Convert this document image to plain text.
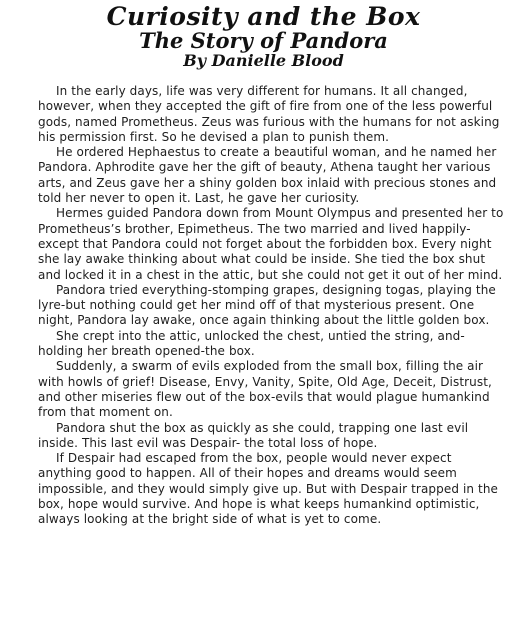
Curiosity and the Box
The Story of Pandora
By Danielle Blood

In the early days, life was very different for humans. It all changed, however, when they accepted the gift of fire from one of the less powerful gods, named Prometheus. Zeus was furious with the humans for not asking his permission first. So he devised a plan to punish them.

He ordered Hephaestus to create a beautiful woman, and he named her Pandora. Aphrodite gave her the gift of beauty, Athena taught her various arts, and Zeus gave her a shiny golden box inlaid with precious stones and told her never to open it. Last, he gave her curiosity.

Hermes guided Pandora down from Mount Olympus and presented her to Prometheus’s brother, Epimetheus. The two married and lived happily-except that Pandora could not forget about the forbidden box. Every night she lay awake thinking about what could be inside. She tied the box shut and locked it in a chest in the attic, but she could not get it out of her mind.

Pandora tried everything-stomping grapes, designing togas, playing the lyre-but nothing could get her mind off of that mysterious present. One night, Pandora lay awake, once again thinking about the little golden box.

She crept into the attic, unlocked the chest, untied the string, and-holding her breath opened-the box.

Suddenly, a swarm of evils exploded from the small box, filling the air with howls of grief! Disease, Envy, Vanity, Spite, Old Age, Deceit, Distrust, and other miseries flew out of the box-evils that would plague humankind from that moment on.

Pandora shut the box as quickly as she could, trapping one last evil inside. This last evil was Despair- the total loss of hope.

If Despair had escaped from the box, people would never expect anything good to happen. All of their hopes and dreams would seem impossible, and they would simply give up. But with Despair trapped in the box, hope would survive. And hope is what keeps humankind optimistic, always looking at the bright side of what is yet to come.
